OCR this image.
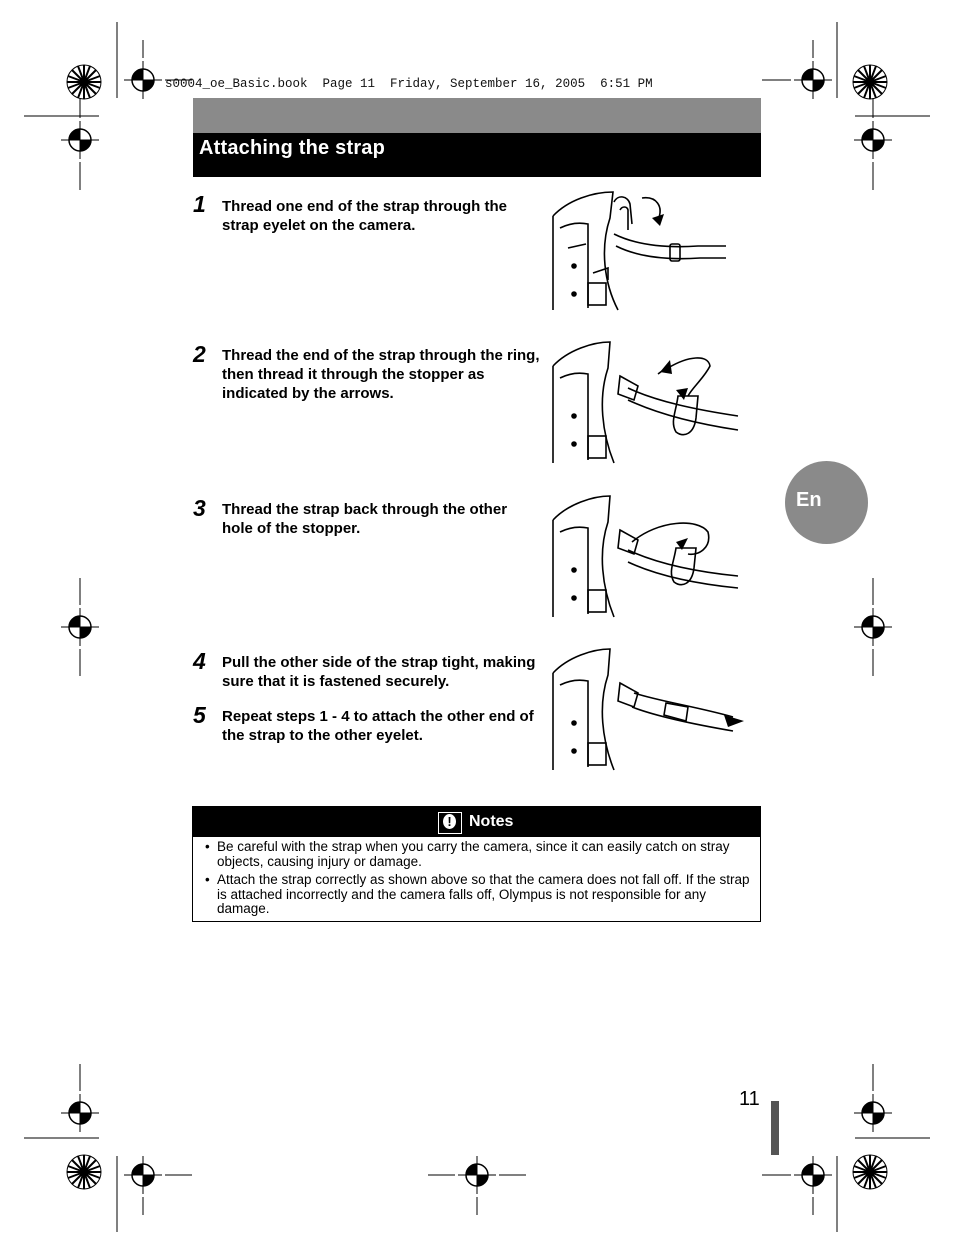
s0004_oe_Basic.book  Page 11  Friday, September 16, 2005  6:51 PM
Attaching the strap
1 Thread one end of the strap through the strap eyelet on the camera.
2 Thread the end of the strap through the ring, then thread it through the stopper as indicated by the arrows.
3 Thread the strap back through the other hole of the stopper.
4 Pull the other side of the strap tight, making sure that it is fastened securely.
5 Repeat steps 1 - 4 to attach the other end of the strap to the other eyelet.
En
! Notes
• Be careful with the strap when you carry the camera, since it can easily catch on stray objects, causing injury or damage.
• Attach the strap correctly as shown above so that the camera does not fall off. If the strap is attached incorrectly and the camera falls off, Olympus is not responsible for any damage.
11
